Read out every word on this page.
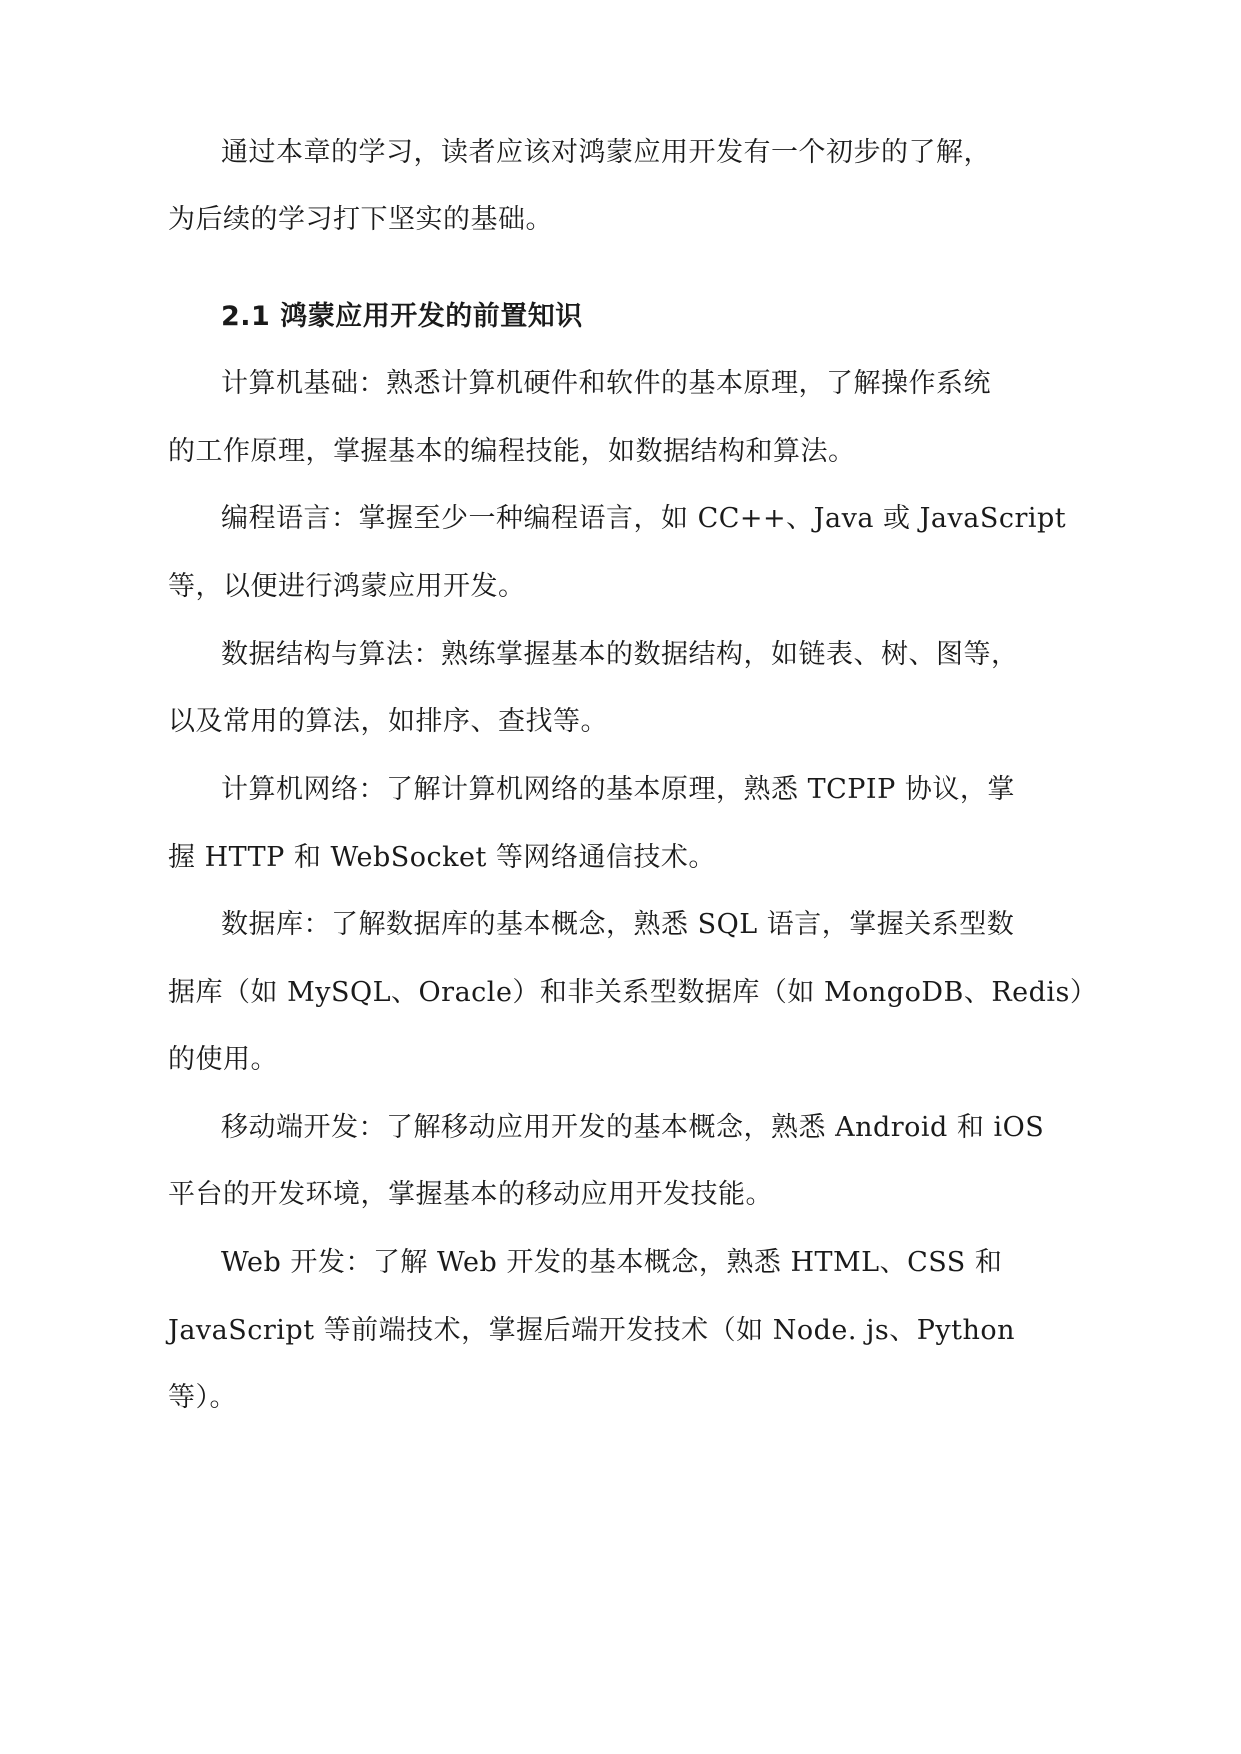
通过本章的学习，读者应该对鸿蒙应用开发有一个初步的了解，

为后续的学习打下坚实的基础。

2.1 鸿蒙应用开发的前置知识

计算机基础：熟悉计算机硬件和软件的基本原理，了解操作系统

的工作原理，掌握基本的编程技能，如数据结构和算法。

编程语言：掌握至少一种编程语言，如 CC++、Java 或 JavaScript

等，以便进行鸿蒙应用开发。

数据结构与算法：熟练掌握基本的数据结构，如链表、树、图等，

以及常用的算法，如排序、查找等。

计算机网络：了解计算机网络的基本原理，熟悉 TCPIP 协议，掌

握 HTTP 和 WebSocket 等网络通信技术。

数据库：了解数据库的基本概念，熟悉 SQL 语言，掌握关系型数

据库（如 MySQL、Oracle）和非关系型数据库（如 MongoDB、Redis）

的使用。

移动端开发：了解移动应用开发的基本概念，熟悉 Android 和 iOS

平台的开发环境，掌握基本的移动应用开发技能。

Web 开发：了解 Web 开发的基本概念，熟悉 HTML、CSS 和

JavaScript 等前端技术，掌握后端开发技术（如 Node. js、Python

等）。
